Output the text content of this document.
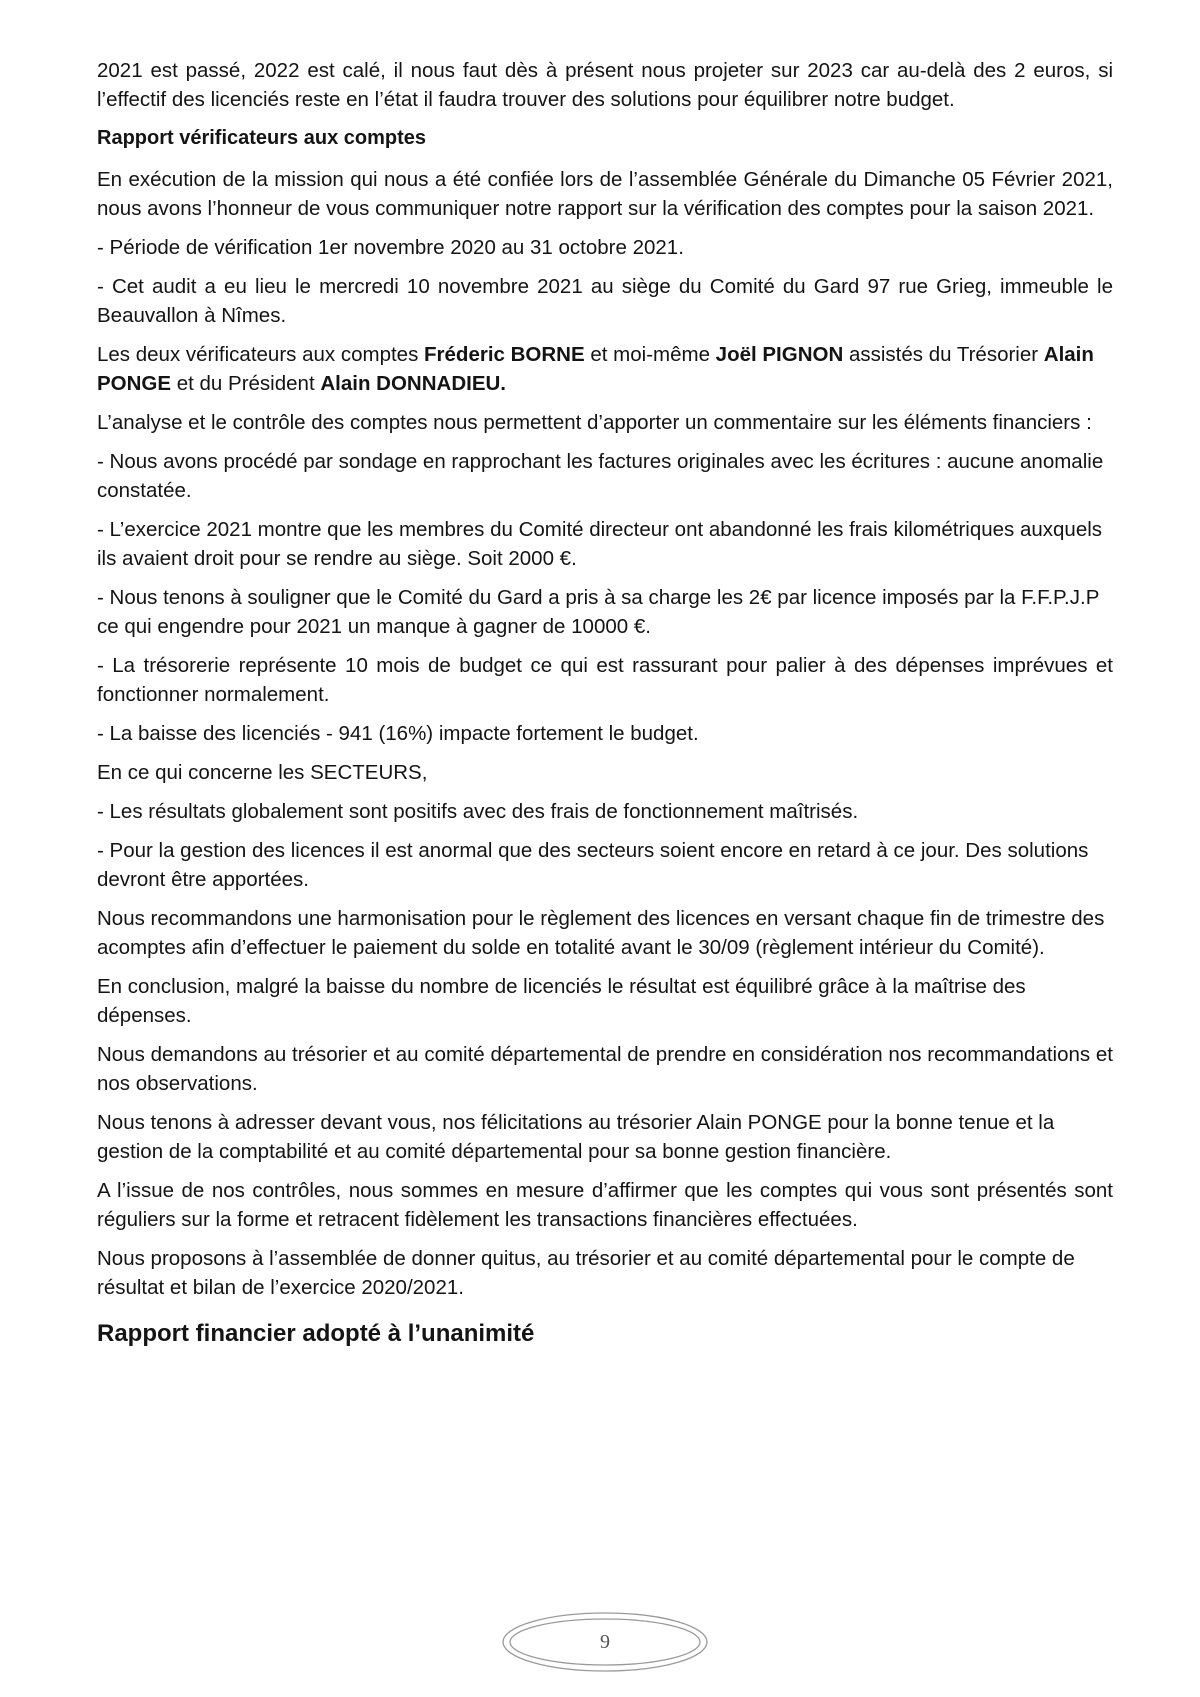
2021 est passé, 2022 est calé, il nous faut dès à présent nous projeter sur 2023 car au-delà des 2 euros, si l’effectif des licenciés reste en l’état il faudra trouver des solutions pour équilibrer notre budget.

Rapport vérificateurs aux comptes

En exécution de la mission qui nous a été confiée lors de l’assemblée Générale du Dimanche 05 Février 2021, nous avons l’honneur de vous communiquer notre rapport sur la vérification des comptes pour la saison 2021.

- Période de vérification 1er novembre 2020 au 31 octobre 2021.

- Cet audit a eu lieu le mercredi 10 novembre 2021 au siège du Comité du Gard 97 rue Grieg, immeuble le Beauvallon à Nîmes.

Les deux vérificateurs aux comptes Fréderic BORNE et moi-même Joël PIGNON assistés du Trésorier Alain PONGE et du Président Alain DONNADIEU.

L’analyse et le contrôle des comptes nous permettent d’apporter un commentaire sur les éléments financiers :

- Nous avons procédé par sondage en rapprochant les factures originales avec les écritures : aucune anomalie constatée.

- L’exercice 2021 montre que les membres du Comité directeur ont abandonné les frais kilométriques auxquels ils avaient droit pour se rendre au siège. Soit 2000 €.

- Nous tenons à souligner que le Comité du Gard a pris à sa charge les 2€ par licence imposés par la F.F.P.J.P ce qui engendre pour 2021 un manque à gagner de 10000 €.

- La trésorerie représente 10 mois de budget ce qui est rassurant pour palier à des dépenses imprévues et fonctionner normalement.

- La baisse des licenciés - 941 (16%) impacte fortement le budget.

En ce qui concerne les SECTEURS,

- Les résultats globalement sont positifs avec des frais de fonctionnement maîtrisés.

- Pour la gestion des licences il est anormal que des secteurs soient encore en retard à ce jour. Des solutions devront être apportées.

Nous recommandons une harmonisation pour le règlement des licences en versant chaque fin de trimestre des acomptes afin d’effectuer le paiement du solde en totalité avant le 30/09 (règlement intérieur du Comité).

En conclusion, malgré la baisse du nombre de licenciés le résultat est équilibré grâce à la maîtrise des dépenses.

Nous demandons au trésorier et au comité départemental de prendre en considération nos recommandations et nos observations.

Nous tenons à adresser devant vous, nos félicitations au trésorier Alain PONGE pour la bonne tenue et la gestion de la comptabilité et au comité départemental pour sa bonne gestion financière.

A l’issue de nos contrôles, nous sommes en mesure d’affirmer que les comptes qui vous sont présentés sont réguliers sur la forme et retracent fidèlement les transactions financières effectuées.

Nous proposons à l’assemblée de donner quitus, au trésorier et au comité départemental pour le compte de résultat et bilan de l’exercice 2020/2021.

Rapport financier adopté à l’unanimité

9
